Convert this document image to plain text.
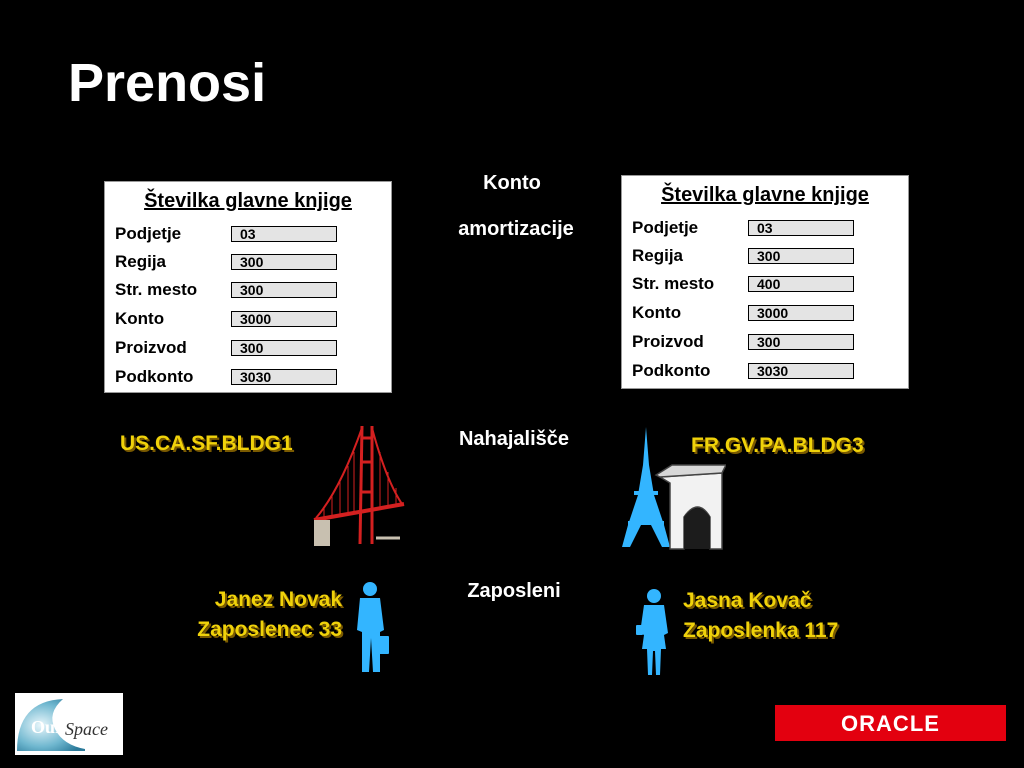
Prenosi
Številka glavne knjige
Podjetje	03
Regija	300
Str. mesto	300
Konto	3000
Proizvod	300
Podkonto	3030
Številka glavne knjige
Podjetje	03
Regija	300
Str. mesto	400
Konto	3000
Proizvod	300
Podkonto	3030
Konto
amortizacije
Nahajališče
Zaposleni
US.CA.SF.BLDG1	FR.GV.PA.BLDG3
Janez Novak
Zaposlenec 33
Jasna Kovač
Zaposlenka 117
Our Space	ORACLE
